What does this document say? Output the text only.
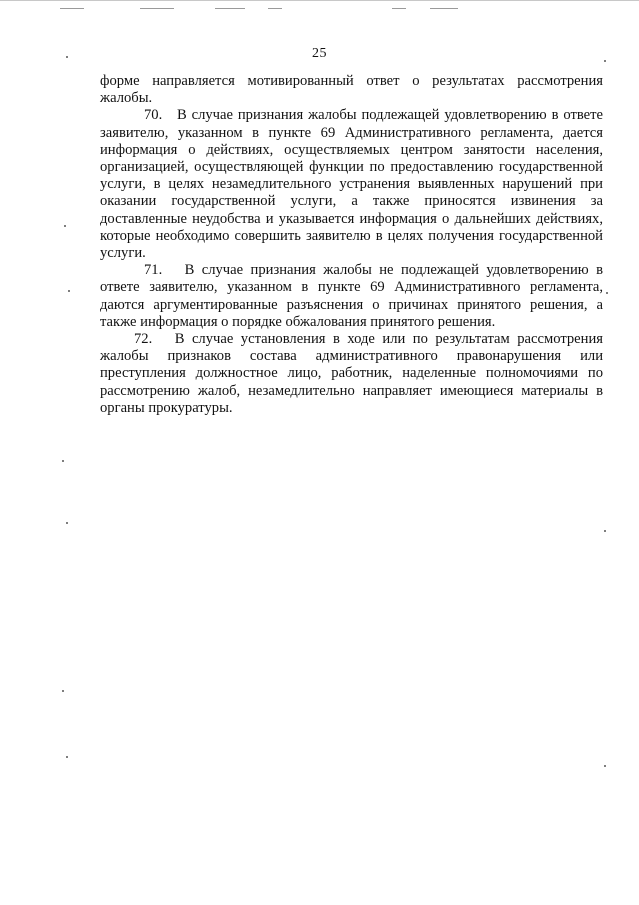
25

форме направляется мотивированный ответ о результатах рассмотрения жалобы.

70.   В случае признания жалобы подлежащей удовлетворению в ответе заявителю, указанном в пункте 69 Административного регламента, дается информация о действиях, осуществляемых центром занятости населения, организацией, осуществляющей функции по предоставлению государственной услуги, в целях незамедлительного устранения выявленных нарушений при оказании государственной услуги, а также приносятся извинения за доставленные неудобства и указывается информация о дальнейших действиях, которые необходимо совершить заявителю в целях получения государственной услуги.

71.   В случае признания жалобы не подлежащей удовлетворению в ответе заявителю, указанном в пункте 69 Административного регламента, даются аргументированные разъяснения о причинах принятого решения, а также информация о порядке обжалования принятого решения.

72.   В случае установления в ходе или по результатам рассмотрения жалобы признаков состава административного правонарушения или преступления должностное лицо, работник, наделенные полномочиями по рассмотрению жалоб, незамедлительно направляет имеющиеся материалы в органы прокуратуры.
